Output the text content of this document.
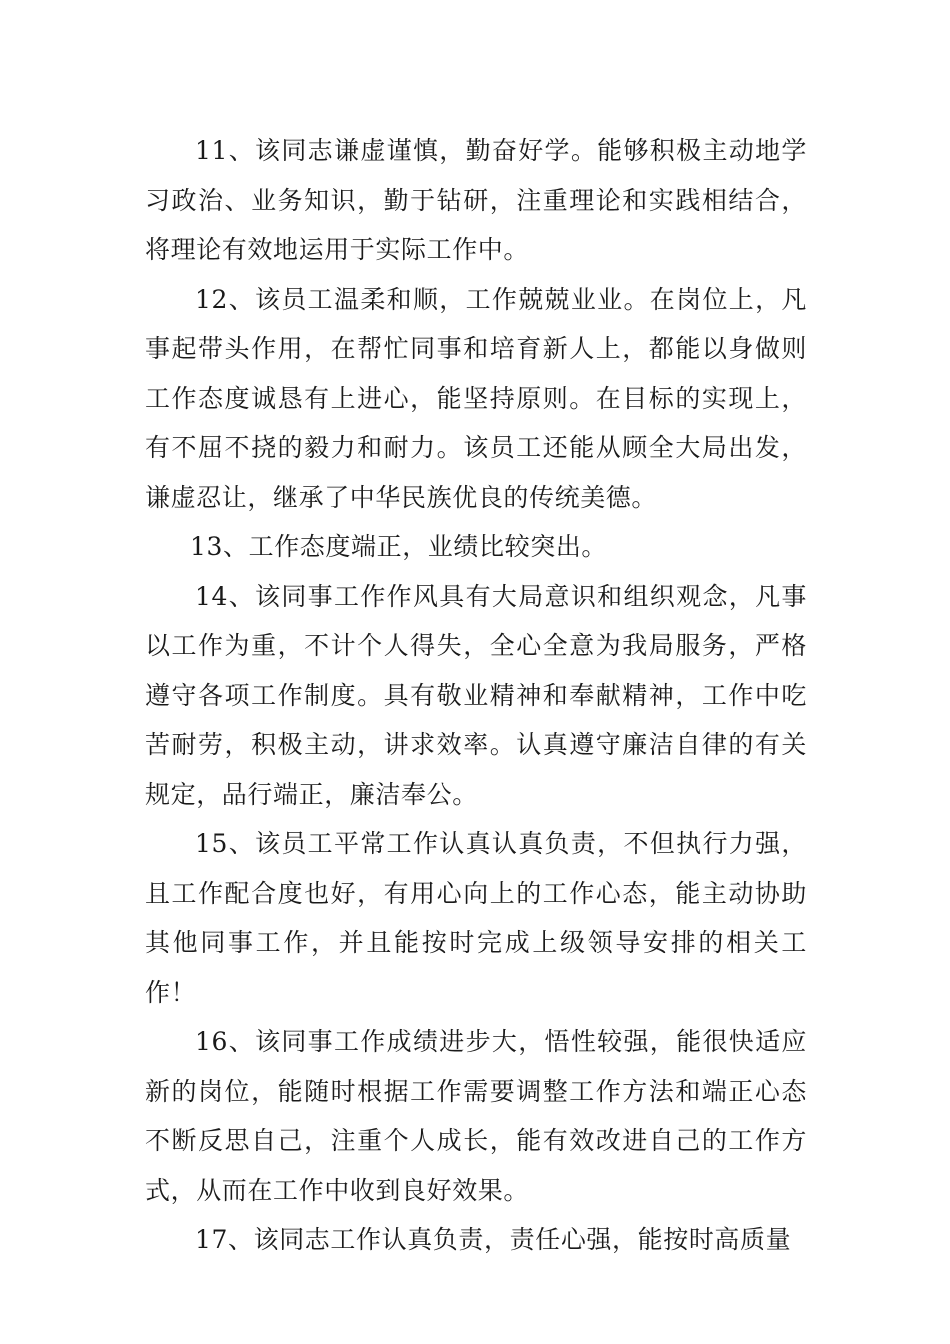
11、该同志谦虚谨慎，勤奋好学。能够积极主动地学习政治、业务知识，勤于钻研，注重理论和实践相结合，将理论有效地运用于实际工作中。

12、该员工温柔和顺，工作兢兢业业。在岗位上，凡事起带头作用，在帮忙同事和培育新人上，都能以身做则工作态度诚恳有上进心，能坚持原则。在目标的实现上，有不屈不挠的毅力和耐力。该员工还能从顾全大局出发，谦虚忍让，继承了中华民族优良的传统美德。

13、工作态度端正，业绩比较突出。

14、该同事工作作风具有大局意识和组织观念，凡事以工作为重，不计个人得失，全心全意为我局服务，严格遵守各项工作制度。具有敬业精神和奉献精神，工作中吃苦耐劳，积极主动，讲求效率。认真遵守廉洁自律的有关规定，品行端正，廉洁奉公。

15、该员工平常工作认真认真负责，不但执行力强，且工作配合度也好，有用心向上的工作心态，能主动协助其他同事工作，并且能按时完成上级领导安排的相关工作！

16、该同事工作成绩进步大，悟性较强，能很快适应新的岗位，能随时根据工作需要调整工作方法和端正心态不断反思自己，注重个人成长，能有效改进自己的工作方式，从而在工作中收到良好效果。

17、该同志工作认真负责，责任心强，能按时高质量
